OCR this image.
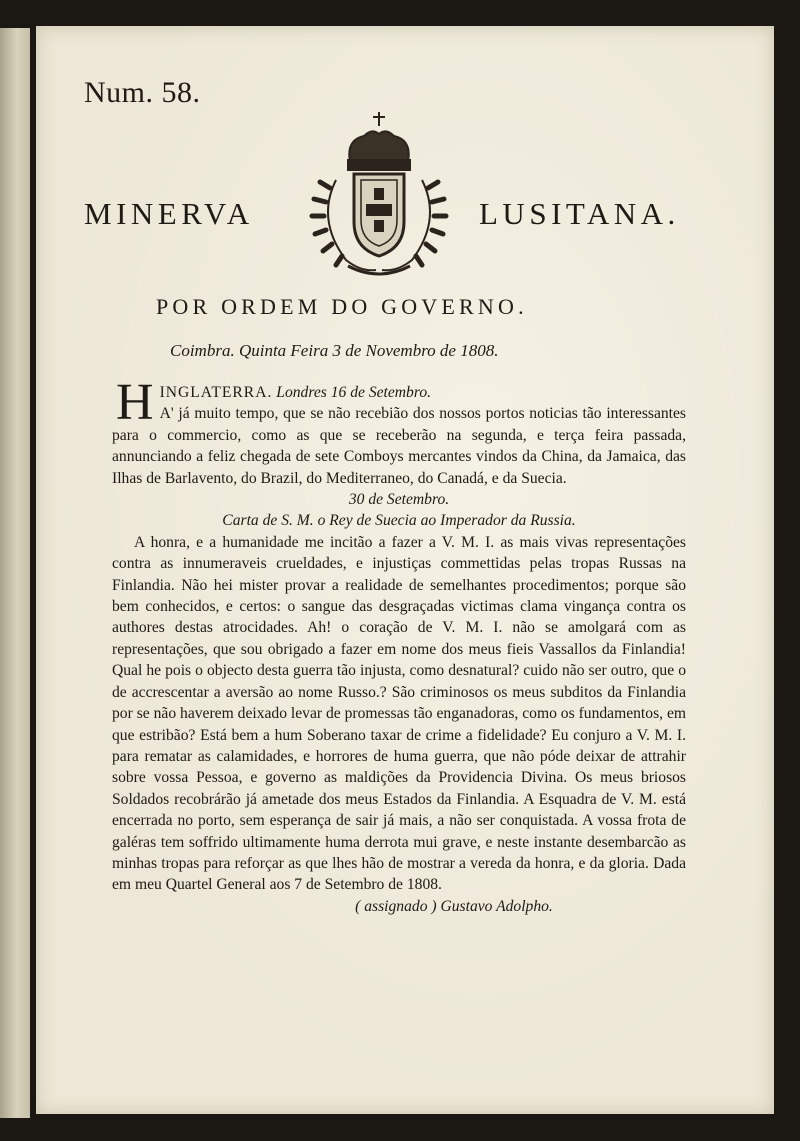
Num. 58.
MINERVA	LUSITANA.
POR ORDEM DO GOVERNO.
Coimbra. Quinta Feira 3 de Novembro de 1808.

H INGLATERRA. Londres 16 de Setembro.
A' já muito tempo, que se não recebião dos nossos portos noticias tão interessantes para o commercio, como as que se receberão na segunda, e terça feira passada, annunciando a feliz chegada de sete Comboys mercantes vindos da China, da Jamaica, das Ilhas de Barlavento, do Brazil, do Mediterraneo, do Canadá, e da Suecia.

30 de Setembro.

Carta de S. M. o Rey de Suecia ao Imperador da Russia.

A honra, e a humanidade me incitão a fazer a V. M. I. as mais vivas representações contra as innumeraveis crueldades, e injustiças commettidas pelas tropas Russas na Finlandia. Não hei mister provar a realidade de semelhantes procedimentos; porque são bem conhecidos, e certos: o sangue das desgraçadas victimas clama vingança contra os authores destas atrocidades. Ah! o coração de V. M. I. não se amolgará com as representações, que sou obrigado a fazer em nome dos meus fieis Vassallos da Finlandia! Qual he pois o objecto desta guerra tão injusta, como desnatural? cuido não ser outro, que o de accrescentar a aversão ao nome Russo.? São criminosos os meus subditos da Finlandia por se não haverem deixado levar de promessas tão enganadoras, como os fundamentos, em que estribão? Está bem a hum Soberano taxar de crime a fidelidade? Eu conjuro a V. M. I. para rematar as calamidades, e horrores de huma guerra, que não póde deixar de attrahir sobre vossa Pessoa, e governo as maldições da Providencia Divina. Os meus briosos Soldados recobrárão já ametade dos meus Estados da Finlandia. A Esquadra de V. M. está encerrada no porto, sem esperança de sair já mais, a não ser conquistada. A vossa frota de galéras tem soffrido ultimamente huma derrota mui grave, e neste instante desembarcão as minhas tropas para reforçar as que lhes hão de mostrar a vereda da honra, e da gloria. Dada em meu Quartel General aos 7 de Setembro de 1808.

( assignado ) Gustavo Adolpho.
